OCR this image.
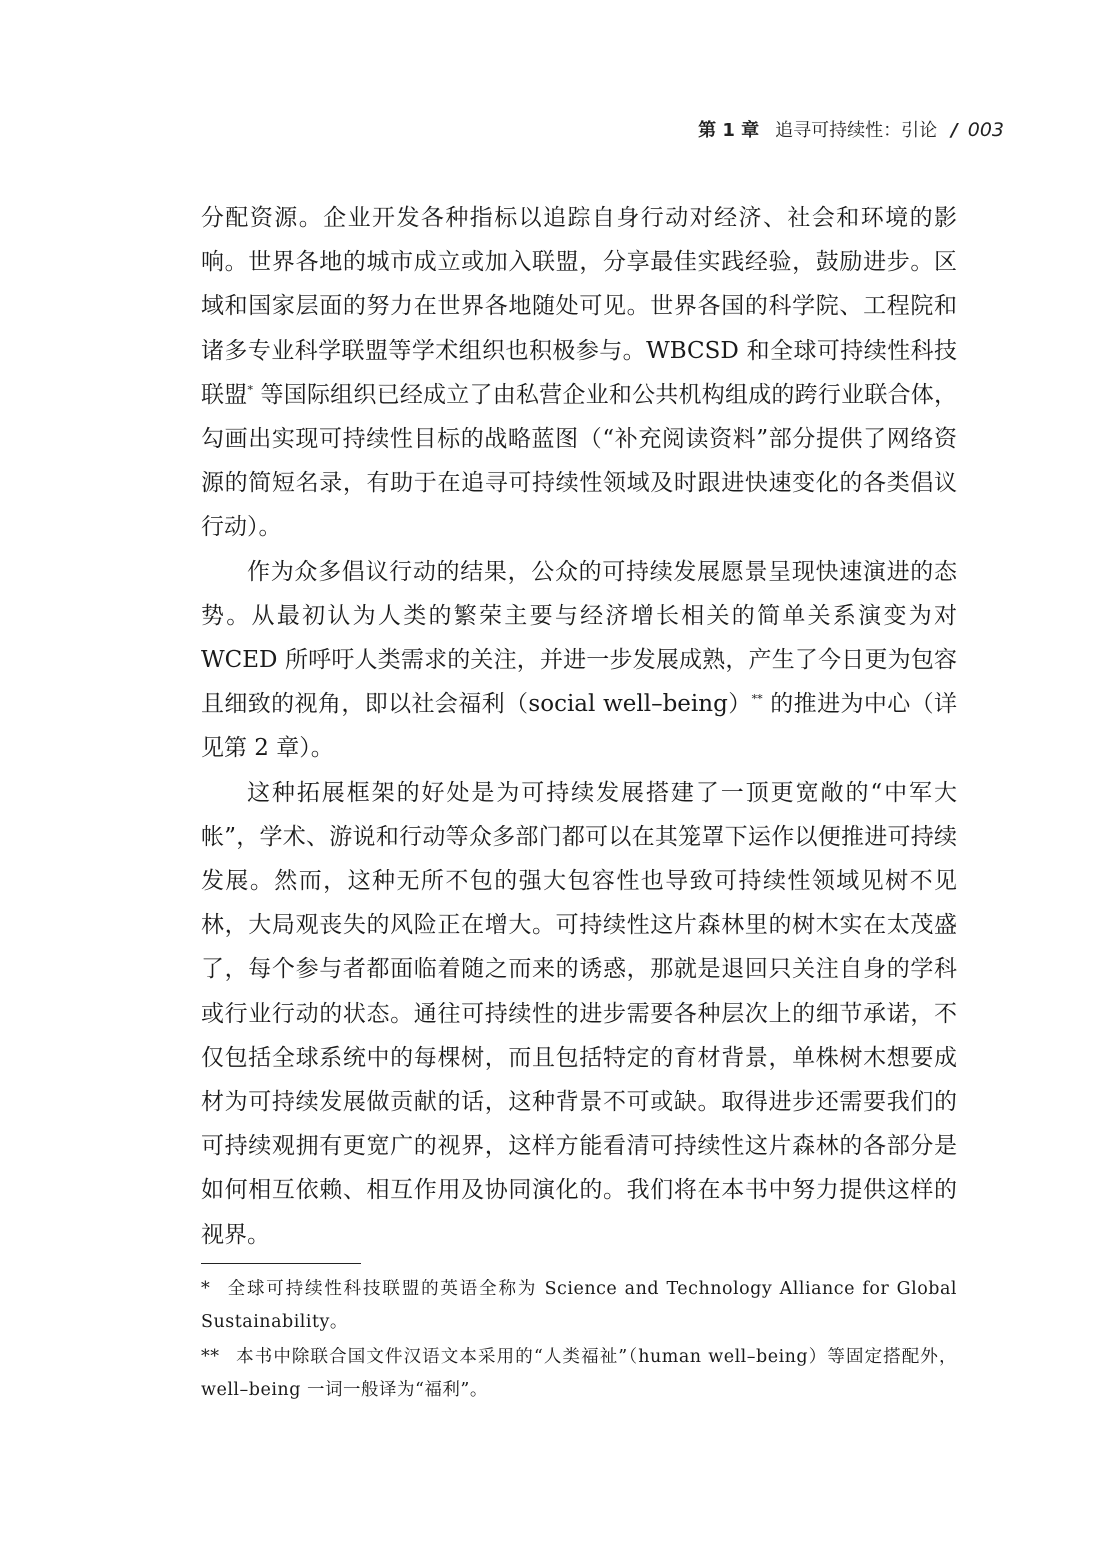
第 1 章 追寻可持续性：引论 / 003

分配资源。企业开发各种指标以追踪自身行动对经济、社会和环境的影响。世界各地的城市成立或加入联盟，分享最佳实践经验，鼓励进步。区域和国家层面的努力在世界各地随处可见。世界各国的科学院、工程院和诸多专业科学联盟等学术组织也积极参与。WBCSD 和全球可持续性科技联盟* 等国际组织已经成立了由私营企业和公共机构组成的跨行业联合体，勾画出实现可持续性目标的战略蓝图（“补充阅读资料”部分提供了网络资源的简短名录，有助于在追寻可持续性领域及时跟进快速变化的各类倡议行动）。

作为众多倡议行动的结果，公众的可持续发展愿景呈现快速演进的态势。从最初认为人类的繁荣主要与经济增长相关的简单关系演变为对 WCED 所呼吁人类需求的关注，并进一步发展成熟，产生了今日更为包容且细致的视角，即以社会福利（social well–being）** 的推进为中心（详见第 2 章）。

这种拓展框架的好处是为可持续发展搭建了一顶更宽敞的“中军大帐”，学术、游说和行动等众多部门都可以在其笼罩下运作以便推进可持续发展。然而，这种无所不包的强大包容性也导致可持续性领域见树不见林，大局观丧失的风险正在增大。可持续性这片森林里的树木实在太茂盛了，每个参与者都面临着随之而来的诱惑，那就是退回只关注自身的学科或行业行动的状态。通往可持续性的进步需要各种层次上的细节承诺，不仅包括全球系统中的每棵树，而且包括特定的育材背景，单株树木想要成材为可持续发展做贡献的话，这种背景不可或缺。取得进步还需要我们的可持续观拥有更宽广的视界，这样方能看清可持续性这片森林的各部分是如何相互依赖、相互作用及协同演化的。我们将在本书中努力提供这样的视界。

* 全球可持续性科技联盟的英语全称为 Science and Technology Alliance for Global Sustainability。

** 本书中除联合国文件汉语文本采用的“人类福祉”（human well–being）等固定搭配外，well–being 一词一般译为“福利”。
